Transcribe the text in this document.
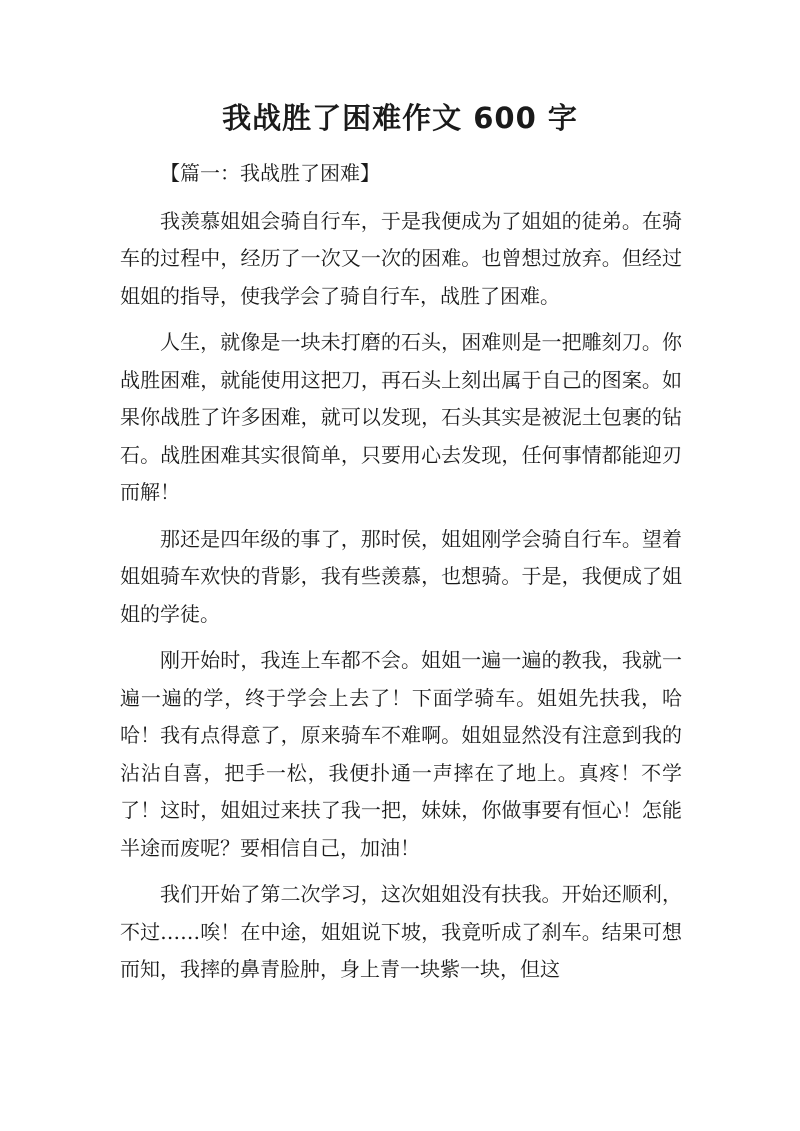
我战胜了困难作文 600 字

【篇一：我战胜了困难】

我羡慕姐姐会骑自行车，于是我便成为了姐姐的徒弟。在骑车的过程中，经历了一次又一次的困难。也曾想过放弃。但经过姐姐的指导，使我学会了骑自行车，战胜了困难。

人生，就像是一块未打磨的石头，困难则是一把雕刻刀。你战胜困难，就能使用这把刀，再石头上刻出属于自己的图案。如果你战胜了许多困难，就可以发现，石头其实是被泥土包裹的钻石。战胜困难其实很简单，只要用心去发现，任何事情都能迎刃而解！

那还是四年级的事了，那时侯，姐姐刚学会骑自行车。望着姐姐骑车欢快的背影，我有些羡慕，也想骑。于是，我便成了姐姐的学徒。

刚开始时，我连上车都不会。姐姐一遍一遍的教我，我就一遍一遍的学，终于学会上去了！下面学骑车。姐姐先扶我，哈哈！我有点得意了，原来骑车不难啊。姐姐显然没有注意到我的沾沾自喜，把手一松，我便扑通一声摔在了地上。真疼！不学了！这时，姐姐过来扶了我一把，妹妹，你做事要有恒心！怎能半途而废呢？要相信自己，加油！

我们开始了第二次学习，这次姐姐没有扶我。开始还顺利，不过……唉！在中途，姐姐说下坡，我竟听成了刹车。结果可想而知，我摔的鼻青脸肿，身上青一块紫一块，但这
